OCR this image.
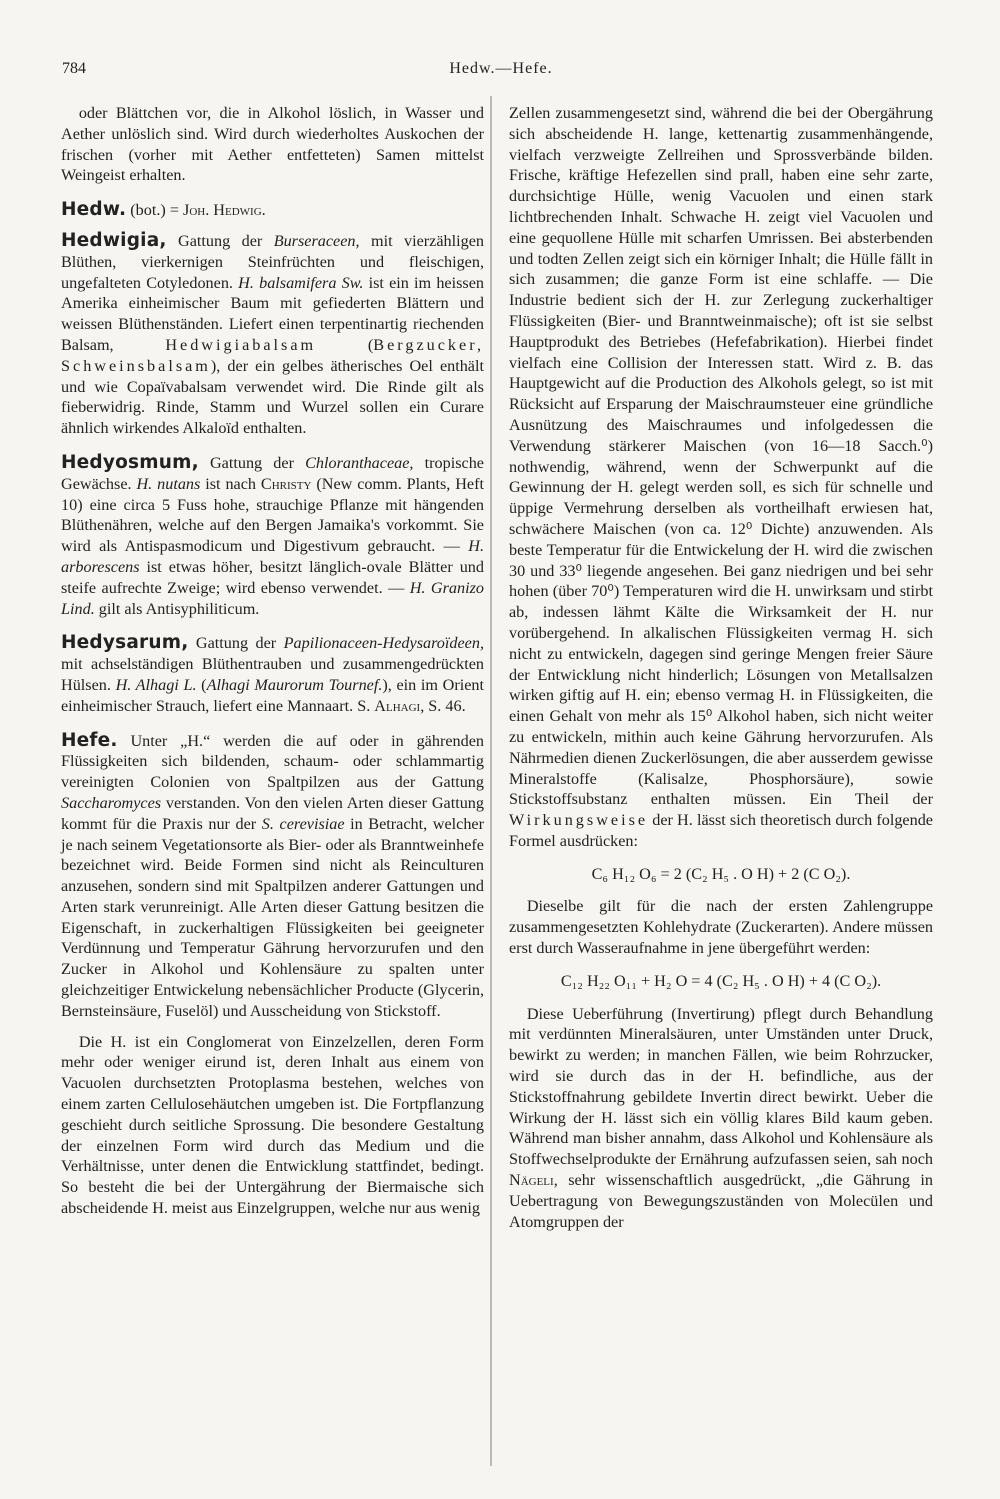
784	Hedw.—Hefe.

oder Blättchen vor, die in Alkohol löslich, in Wasser und Aether unlöslich sind. Wird durch wiederholtes Auskochen der frischen (vorher mit Aether entfetteten) Samen mittelst Weingeist erhalten.

Hedw. (bot.) = Joh. Hedwig.

Hedwigia, Gattung der Burseraceen, mit vierzähligen Blüthen, vierkernigen Steinfrüchten und fleischigen, ungefalteten Cotyledonen. H. balsamifera Sw. ist ein im heissen Amerika einheimischer Baum mit gefiederten Blättern und weissen Blüthenständen. Liefert einen terpentinartig riechenden Balsam, Hedwigiabalsam (Bergzucker, Schweinsbalsam), der ein gelbes ätherisches Oel enthält und wie Copaïvabalsam verwendet wird. Die Rinde gilt als fieberwidrig. Rinde, Stamm und Wurzel sollen ein Curare ähnlich wirkendes Alkaloïd enthalten.

Hedyosmum, Gattung der Chloranthaceae, tropische Gewächse. H. nutans ist nach Christy (New comm. Plants, Heft 10) eine circa 5 Fuss hohe, strauchige Pflanze mit hängenden Blüthenähren, welche auf den Bergen Jamaika's vorkommt. Sie wird als Antispasmodicum und Digestivum gebraucht. — H. arborescens ist etwas höher, besitzt länglich-ovale Blätter und steife aufrechte Zweige; wird ebenso verwendet. — H. Granizo Lind. gilt als Antisyphiliticum.

Hedysarum, Gattung der Papilionaceen-Hedysaroïdeen, mit achselständigen Blüthentrauben und zusammengedrückten Hülsen. H. Alhagi L. (Alhagi Maurorum Tournef.), ein im Orient einheimischer Strauch, liefert eine Mannaart. S. Alhagi, S. 46.

Hefe. Unter „H.“ werden die auf oder in gährenden Flüssigkeiten sich bildenden, schaum- oder schlammartig vereinigten Colonien von Spaltpilzen aus der Gattung Saccharomyces verstanden. Von den vielen Arten dieser Gattung kommt für die Praxis nur der S. cerevisiae in Betracht, welcher je nach seinem Vegetationsorte als Bier- oder als Branntweinhefe bezeichnet wird. Beide Formen sind nicht als Reinculturen anzusehen, sondern sind mit Spaltpilzen anderer Gattungen und Arten stark verunreinigt. Alle Arten dieser Gattung besitzen die Eigenschaft, in zuckerhaltigen Flüssigkeiten bei geeigneter Verdünnung und Temperatur Gährung hervorzurufen und den Zucker in Alkohol und Kohlensäure zu spalten unter gleichzeitiger Entwickelung nebensächlicher Producte (Glycerin, Bernsteinsäure, Fuselöl) und Ausscheidung von Stickstoff.

Die H. ist ein Conglomerat von Einzelzellen, deren Form mehr oder weniger eirund ist, deren Inhalt aus einem von Vacuolen durchsetzten Protoplasma bestehen, welches von einem zarten Cellulosehäutchen umgeben ist. Die Fortpflanzung geschieht durch seitliche Sprossung. Die besondere Gestaltung der einzelnen Form wird durch das Medium und die Verhältnisse, unter denen die Entwicklung stattfindet, bedingt. So besteht die bei der Untergährung der Biermaische sich abscheidende H. meist aus Einzelgruppen, welche nur aus wenig

Zellen zusammengesetzt sind, während die bei der Obergährung sich abscheidende H. lange, kettenartig zusammenhängende, vielfach verzweigte Zellreihen und Sprossverbände bilden. Frische, kräftige Hefezellen sind prall, haben eine sehr zarte, durchsichtige Hülle, wenig Vacuolen und einen stark lichtbrechenden Inhalt. Schwache H. zeigt viel Vacuolen und eine gequollene Hülle mit scharfen Umrissen. Bei absterbenden und todten Zellen zeigt sich ein körniger Inhalt; die Hülle fällt in sich zusammen; die ganze Form ist eine schlaffe. — Die Industrie bedient sich der H. zur Zerlegung zuckerhaltiger Flüssigkeiten (Bier- und Branntweinmaische); oft ist sie selbst Hauptprodukt des Betriebes (Hefefabrikation). Hierbei findet vielfach eine Collision der Interessen statt. Wird z. B. das Hauptgewicht auf die Production des Alkohols gelegt, so ist mit Rücksicht auf Ersparung der Maischraumsteuer eine gründliche Ausnützung des Maischraumes und infolgedessen die Verwendung stärkerer Maischen (von 16—18 Sacch.⁰) nothwendig, während, wenn der Schwerpunkt auf die Gewinnung der H. gelegt werden soll, es sich für schnelle und üppige Vermehrung derselben als vortheilhaft erwiesen hat, schwächere Maischen (von ca. 12⁰ Dichte) anzuwenden. Als beste Temperatur für die Entwickelung der H. wird die zwischen 30 und 33⁰ liegende angesehen. Bei ganz niedrigen und bei sehr hohen (über 70⁰) Temperaturen wird die H. unwirksam und stirbt ab, indessen lähmt Kälte die Wirksamkeit der H. nur vorübergehend. In alkalischen Flüssigkeiten vermag H. sich nicht zu entwickeln, dagegen sind geringe Mengen freier Säure der Entwicklung nicht hinderlich; Lösungen von Metallsalzen wirken giftig auf H. ein; ebenso vermag H. in Flüssigkeiten, die einen Gehalt von mehr als 15⁰ Alkohol haben, sich nicht weiter zu entwickeln, mithin auch keine Gährung hervorzurufen. Als Nährmedien dienen Zuckerlösungen, die aber ausserdem gewisse Mineralstoffe (Kalisalze, Phosphorsäure), sowie Stickstoffsubstanz enthalten müssen. Ein Theil der Wirkungsweise der H. lässt sich theoretisch durch folgende Formel ausdrücken:

C₆ H₁₂ O₆ = 2 (C₂ H₅ . O H) + 2 (C O₂).

Dieselbe gilt für die nach der ersten Zahlengruppe zusammengesetzten Kohlehydrate (Zuckerarten). Andere müssen erst durch Wasseraufnahme in jene übergeführt werden:

C₁₂ H₂₂ O₁₁ + H₂ O = 4 (C₂ H₅ . O H) + 4 (C O₂).

Diese Ueberführung (Invertirung) pflegt durch Behandlung mit verdünnten Mineralsäuren, unter Umständen unter Druck, bewirkt zu werden; in manchen Fällen, wie beim Rohrzucker, wird sie durch das in der H. befindliche, aus der Stickstoffnahrung gebildete Invertin direct bewirkt. Ueber die Wirkung der H. lässt sich ein völlig klares Bild kaum geben. Während man bisher annahm, dass Alkohol und Kohlensäure als Stoffwechselprodukte der Ernährung aufzufassen seien, sah noch Nägeli, sehr wissenschaftlich ausgedrückt, „die Gährung in Uebertragung von Bewegungszuständen von Molecülen und Atomgruppen der
